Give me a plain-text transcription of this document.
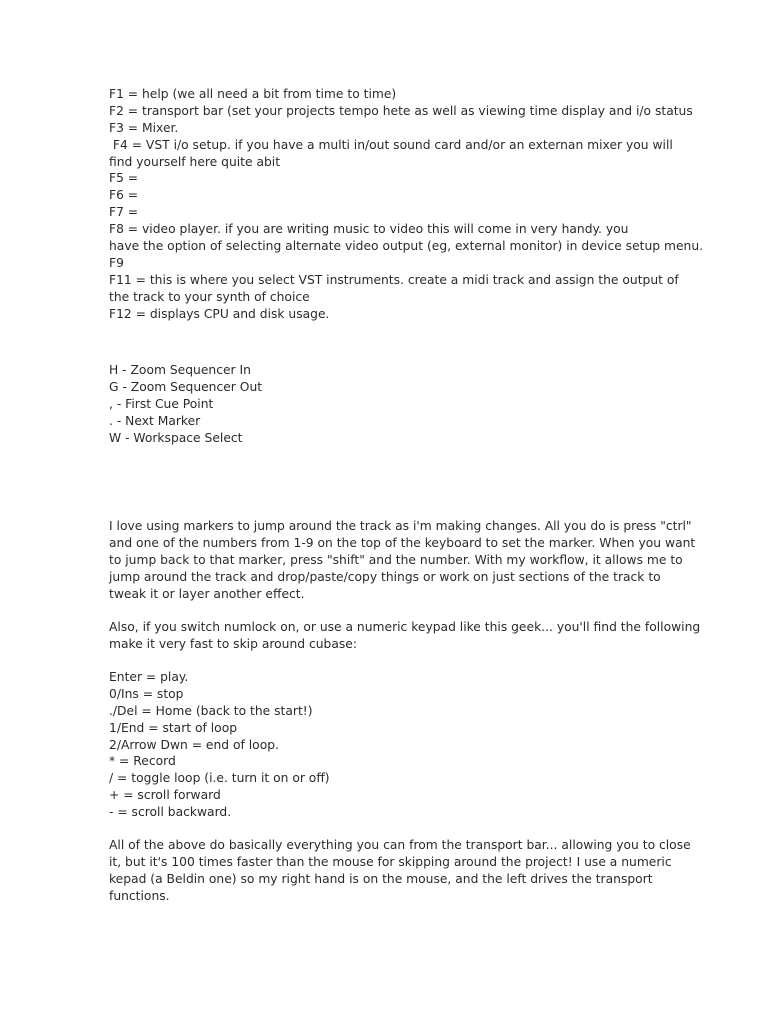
F1 = help (we all need a bit from time to time)
F2 = transport bar (set your projects tempo hete as well as viewing time display and i/o status
F3 = Mixer.
F4 = VST i/o setup. if you have a multi in/out sound card and/or an externan mixer you will
find yourself here quite abit
F5 =
F6 =
F7 =
F8 = video player. if you are writing music to video this will come in very handy. you
have the option of selecting alternate video output (eg, external monitor) in device setup menu.
F9
F11 = this is where you select VST instruments. create a midi track and assign the output of
the track to your synth of choice
F12 = displays CPU and disk usage.
H - Zoom Sequencer In
G - Zoom Sequencer Out
, - First Cue Point
. - Next Marker
W - Workspace Select
I love using markers to jump around the track as i'm making changes. All you do is press "ctrl"
and one of the numbers from 1-9 on the top of the keyboard to set the marker. When you want
to jump back to that marker, press "shift" and the number. With my workflow, it allows me to
jump around the track and drop/paste/copy things or work on just sections of the track to
tweak it or layer another effect.
Also, if you switch numlock on, or use a numeric keypad like this geek... you'll find the following
make it very fast to skip around cubase:
Enter = play.
0/Ins = stop
./Del = Home (back to the start!)
1/End = start of loop
2/Arrow Dwn = end of loop.
* = Record
/ = toggle loop (i.e. turn it on or off)
+ = scroll forward
- = scroll backward.
All of the above do basically everything you can from the transport bar... allowing you to close
it, but it's 100 times faster than the mouse for skipping around the project! I use a numeric
kepad (a Beldin one) so my right hand is on the mouse, and the left drives the transport
functions.
